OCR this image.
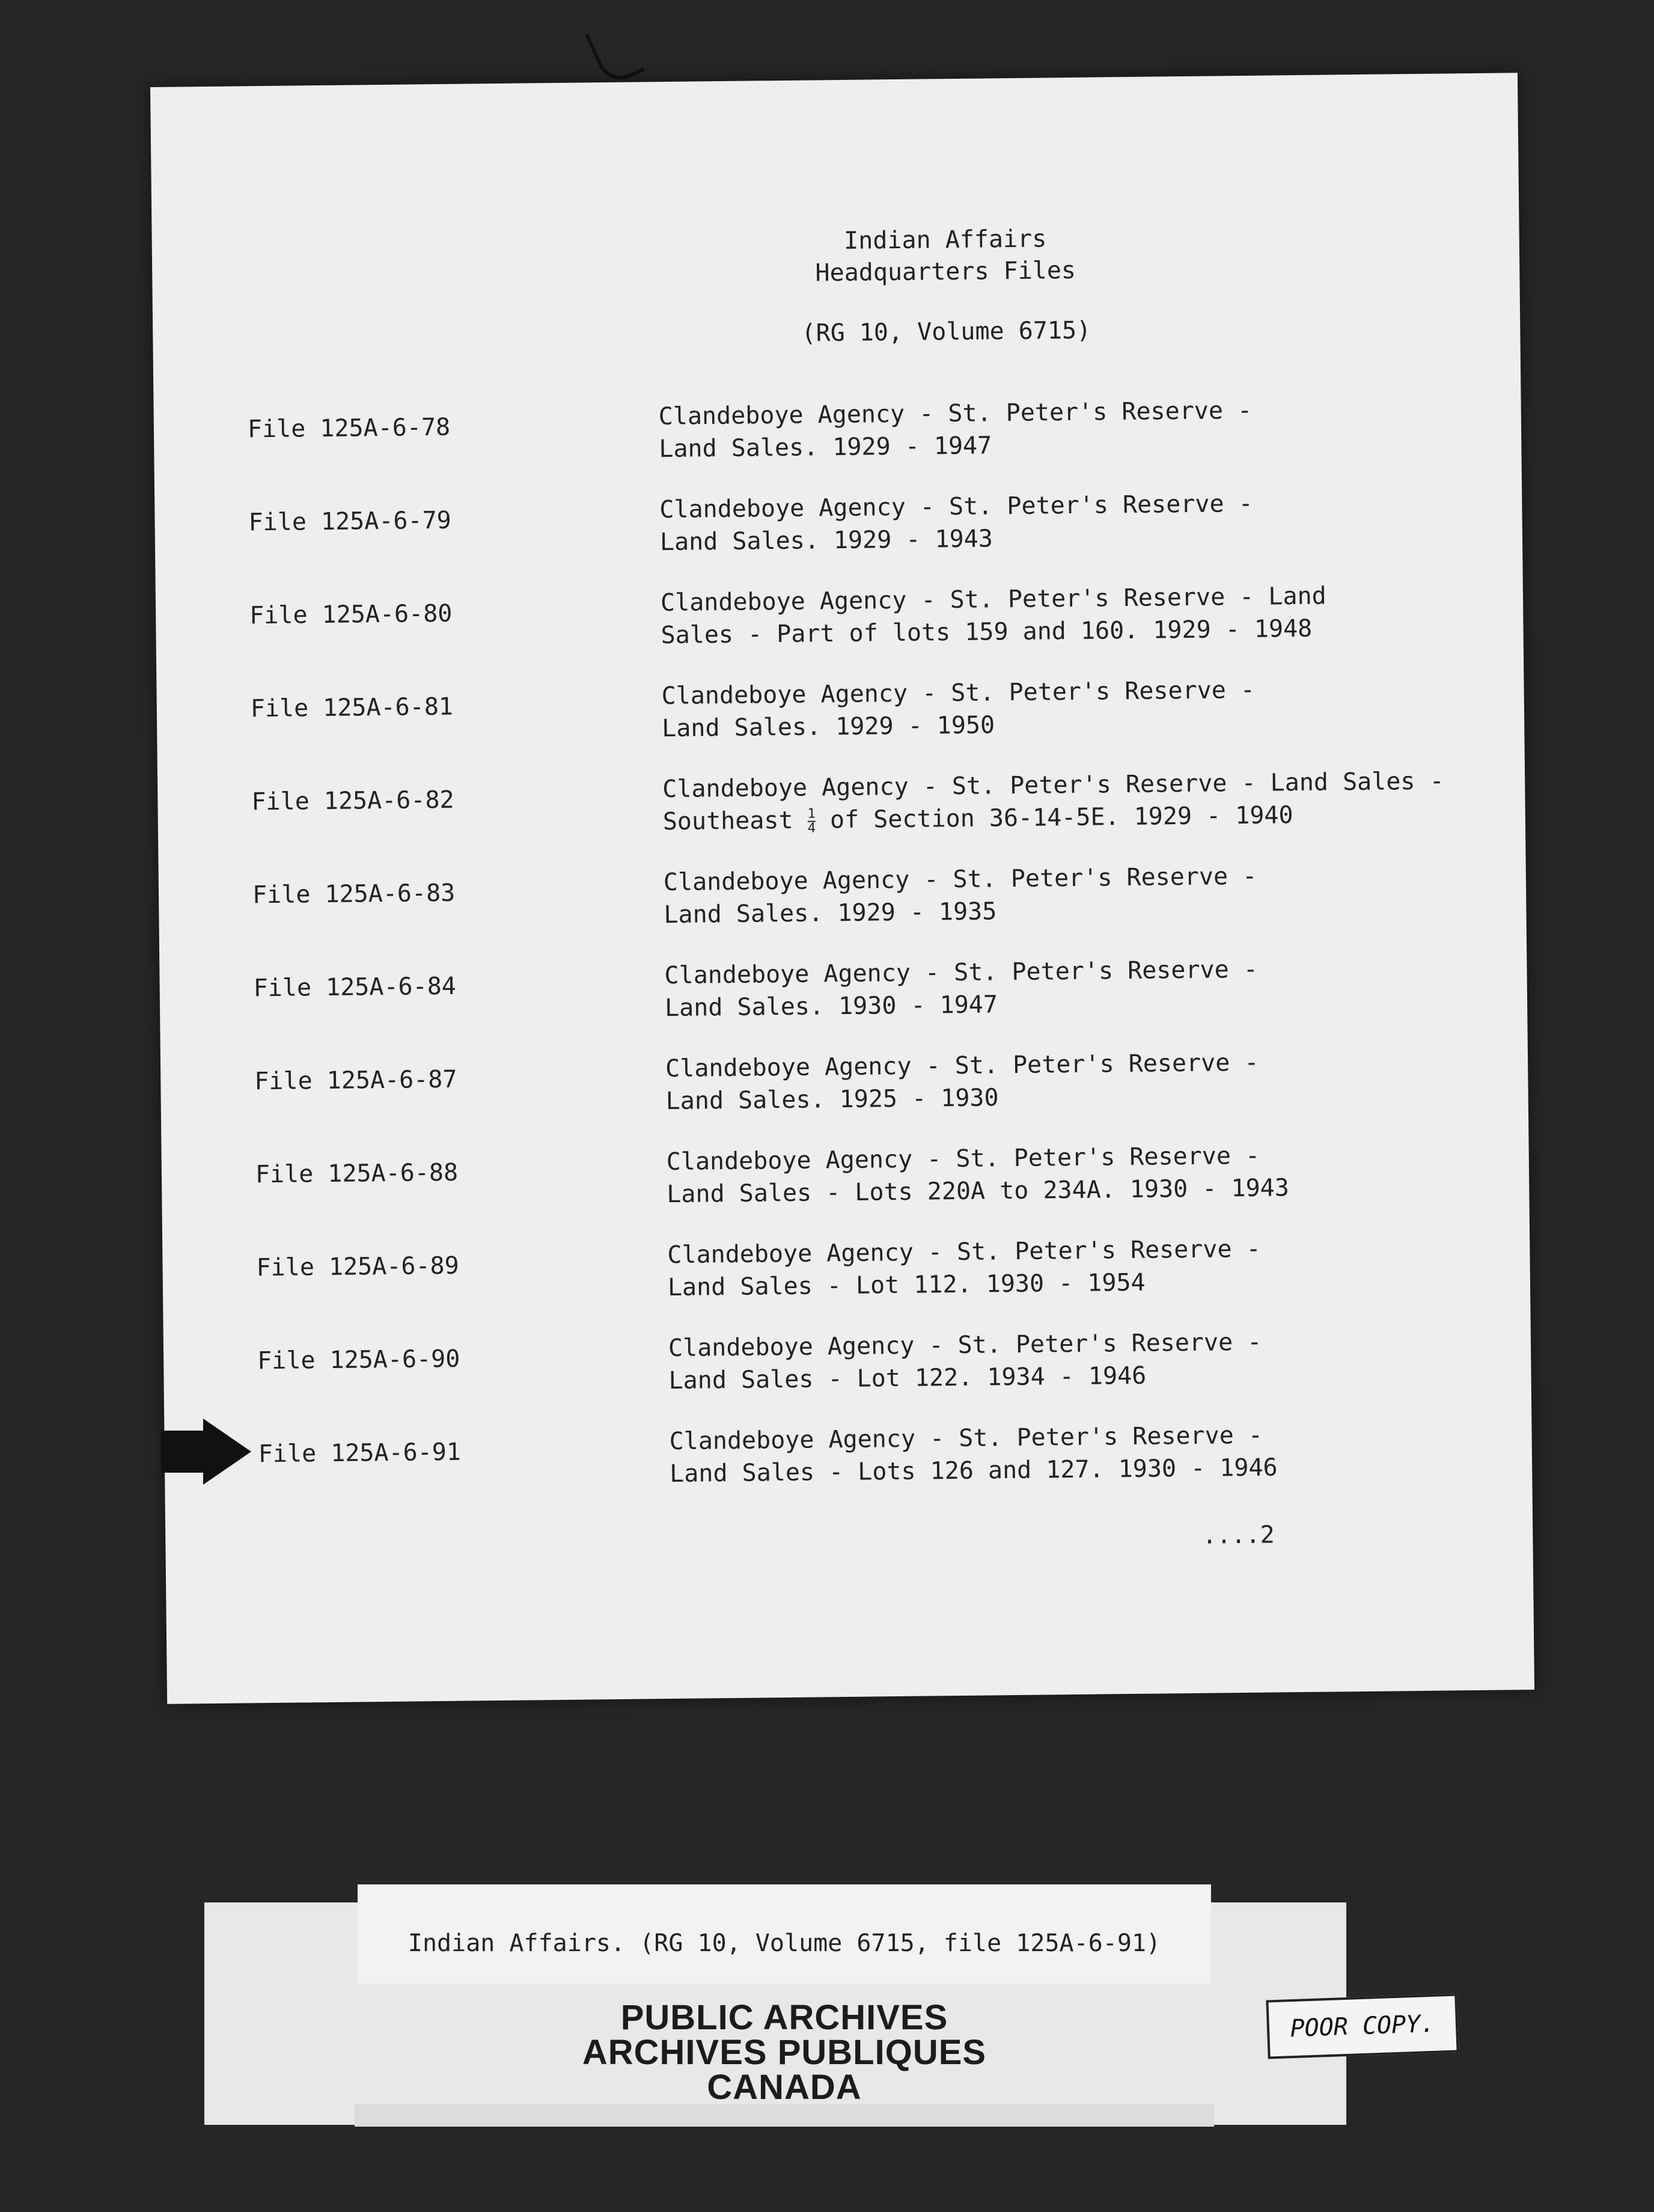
Indian Affairs
Headquarters Files
(RG 10, Volume 6715)
File 125A-6-78	Clandeboye Agency - St. Peter's Reserve -
Land Sales. 1929 - 1947
File 125A-6-79	Clandeboye Agency - St. Peter's Reserve -
Land Sales. 1929 - 1943
File 125A-6-80	Clandeboye Agency - St. Peter's Reserve - Land
Sales - Part of lots 159 and 160. 1929 - 1948
File 125A-6-81	Clandeboye Agency - St. Peter's Reserve -
Land Sales. 1929 - 1950
File 125A-6-82	Clandeboye Agency - St. Peter's Reserve - Land Sales -
Southeast $\frac{1}{4}$ of Section 36-14-5E. 1929 - 1940
File 125A-6-83	Clandeboye Agency - St. Peter's Reserve -
Land Sales. 1929 - 1935
File 125A-6-84	Clandeboye Agency - St. Peter's Reserve -
Land Sales. 1930 - 1947
File 125A-6-87	Clandeboye Agency - St. Peter's Reserve -
Land Sales. 1925 - 1930
File 125A-6-88	Clandeboye Agency - St. Peter's Reserve -
Land Sales - Lots 220A to 234A. 1930 - 1943
File 125A-6-89	Clandeboye Agency - St. Peter's Reserve -
Land Sales - Lot 112. 1930 - 1954
File 125A-6-90	Clandeboye Agency - St. Peter's Reserve -
Land Sales - Lot 122. 1934 - 1946
File 125A-6-91	Clandeboye Agency - St. Peter's Reserve -
Land Sales - Lots 126 and 127. 1930 - 1946
....2
Indian Affairs. (RG 10, Volume 6715, file 125A-6-91)
PUBLIC ARCHIVES
ARCHIVES PUBLIQUES
CANADA
POOR COPY.
